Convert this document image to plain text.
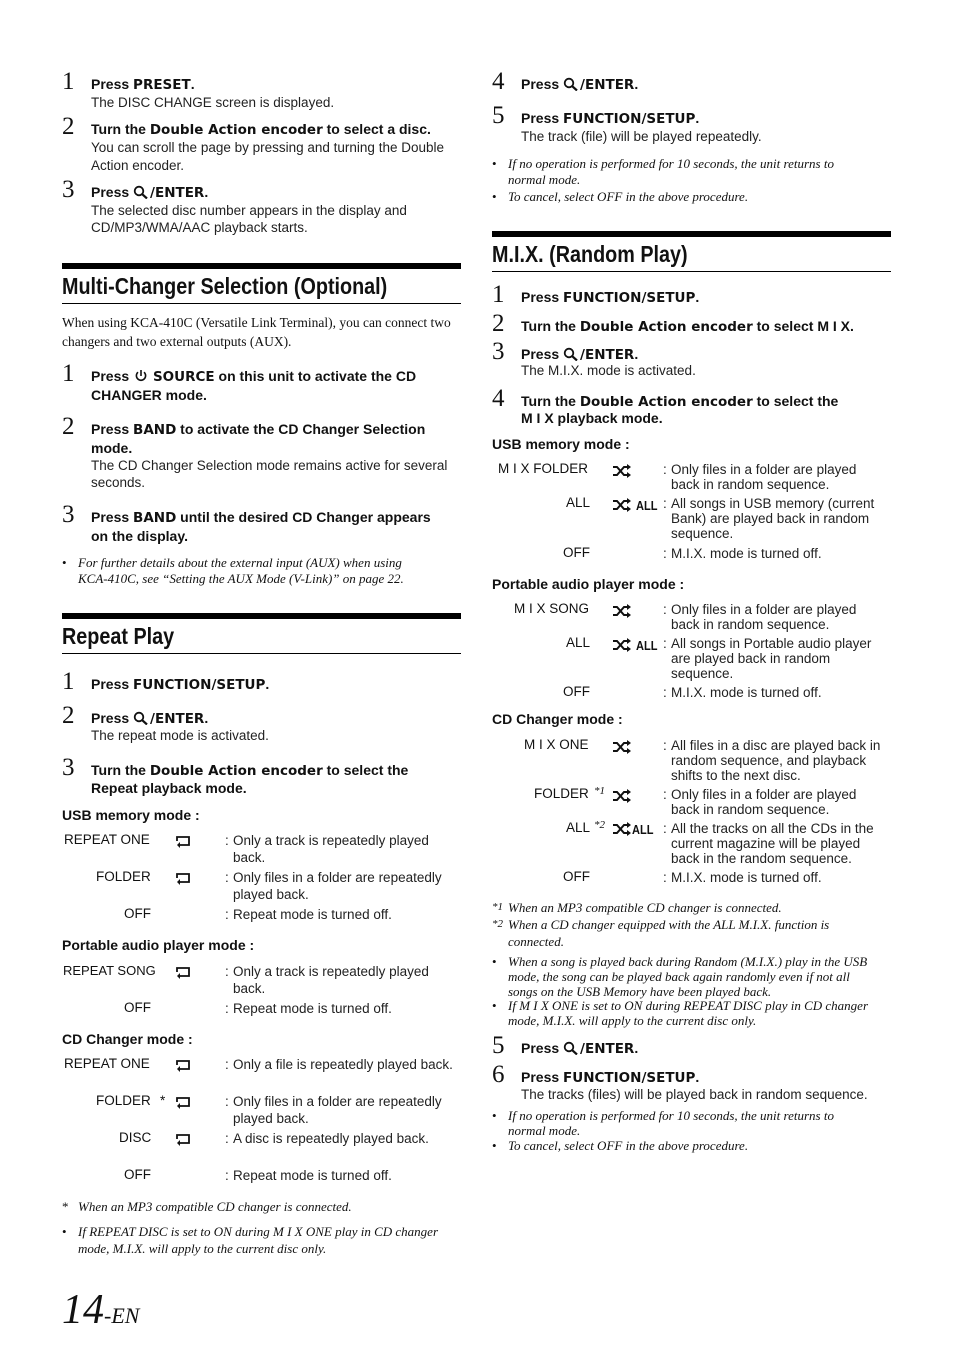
1 Press PRESET.
The DISC CHANGE screen is displayed.
2 Turn the Double Action encoder to select a disc.
You can scroll the page by pressing and turning the Double
Action encoder.
3 Press /ENTER.
The selected disc number appears in the display and
CD/MP3/WMA/AAC playback starts.
Multi-Changer Selection (Optional)
When using KCA-410C (Versatile Link Terminal), you can connect two
changers and two external outputs (AUX).
1 Press  SOURCE on this unit to activate the CD
CHANGER mode.
2 Press BAND to activate the CD Changer Selection
mode.
The CD Changer Selection mode remains active for several
seconds.
3 Press BAND until the desired CD Changer appears
on the display.
• For further details about the external input (AUX) when using
KCA-410C, see “Setting the AUX Mode (V-Link)” on page 22.
Repeat Play
1 Press FUNCTION/SETUP.
2 Press /ENTER.
The repeat mode is activated.
3 Turn the Double Action encoder to select the
Repeat playback mode.
USB memory mode :
REPEAT ONE	: Only a track is repeatedly played
back.
FOLDER	: Only files in a folder are repeatedly
played back.
OFF	: Repeat mode is turned off.
Portable audio player mode :
REPEAT SONG	: Only a track is repeatedly played
back.
OFF	: Repeat mode is turned off.
CD Changer mode :
REPEAT ONE	: Only a file is repeatedly played back.
FOLDER *	: Only files in a folder are repeatedly
played back.
DISC	: A disc is repeatedly played back.
OFF	: Repeat mode is turned off.
* When an MP3 compatible CD changer is connected.
• If REPEAT DISC is set to ON during M I X ONE play in CD changer
mode, M.I.X. will apply to the current disc only.
4 Press /ENTER.
5 Press FUNCTION/SETUP.
The track (file) will be played repeatedly.
• If no operation is performed for 10 seconds, the unit returns to
normal mode.
• To cancel, select OFF in the above procedure.
M.I.X. (Random Play)
1 Press FUNCTION/SETUP.
2 Turn the Double Action encoder to select M I X.
3 Press /ENTER.
The M.I.X. mode is activated.
4 Turn the Double Action encoder to select the
M I X playback mode.
USB memory mode :
M I X FOLDER	: Only files in a folder are played
back in random sequence.
ALL	ALL : All songs in USB memory (current
Bank) are played back in random
sequence.
OFF	: M.I.X. mode is turned off.
Portable audio player mode :
M I X SONG	: Only files in a folder are played
back in random sequence.
ALL	ALL : All songs in Portable audio player
are played back in random
sequence.
OFF	: M.I.X. mode is turned off.
CD Changer mode :
M I X ONE	: All files in a disc are played back in
random sequence, and playback
shifts to the next disc.
FOLDER *1	: Only files in a folder are played
back in random sequence.
ALL *2 ALL : All the tracks on all the CDs in the
current magazine will be played
back in the random sequence.
OFF	: M.I.X. mode is turned off.
*1 When an MP3 compatible CD changer is connected.
*2 When a CD changer equipped with the ALL M.I.X. function is
connected.
• When a song is played back during Random (M.I.X.) play in the USB
mode, the song can be played back again randomly even if not all
songs on the USB Memory have been played back.
• If M I X ONE is set to ON during REPEAT DISC play in CD changer
mode, M.I.X. will apply to the current disc only.
5 Press /ENTER.
6 Press FUNCTION/SETUP.
The tracks (files) will be played back in random sequence.
• If no operation is performed for 10 seconds, the unit returns to
normal mode.
• To cancel, select OFF in the above procedure.
14-EN
